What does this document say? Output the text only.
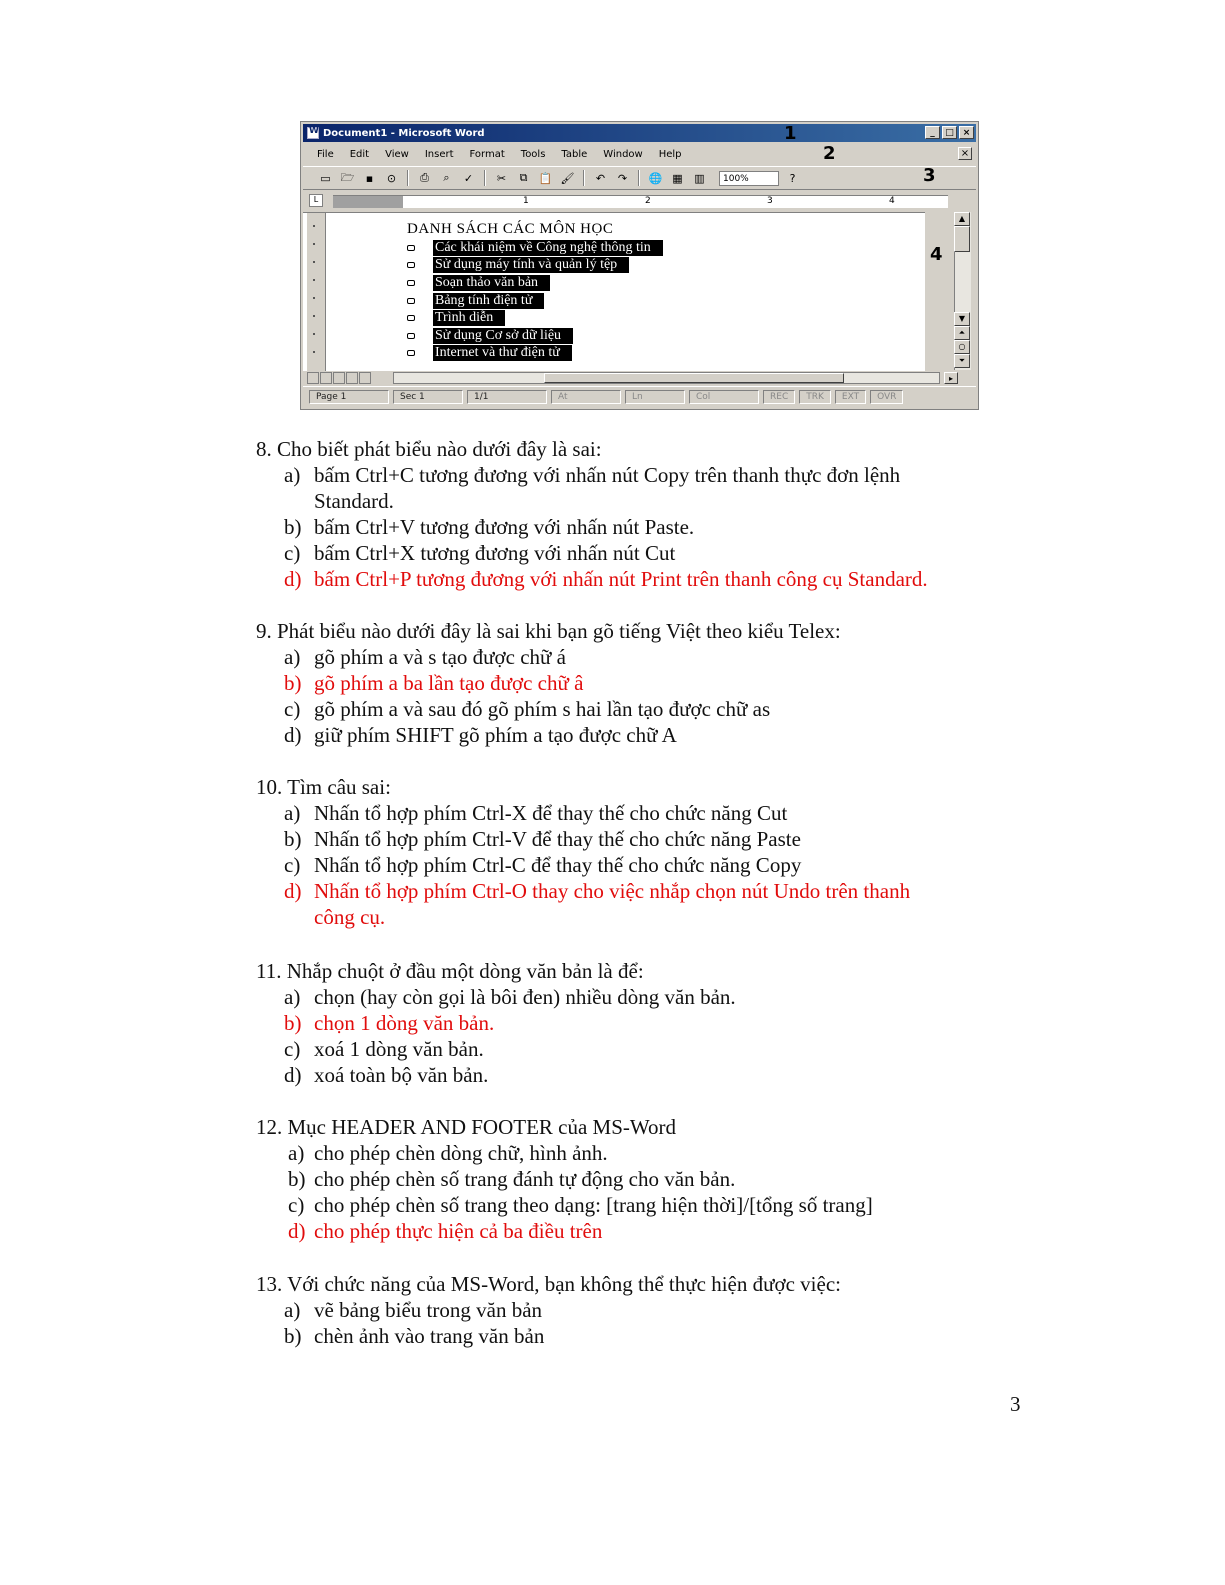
W
Document1 - Microsoft Word	_	□ ×
1
File Edit View Insert Format Tools Table Window Help	×
2
▭ 🗁	▪	⊙	⎙	⌕	✓	✂	⧉	📋 🖌	↶	↷	🌐 ▦ ▥	100%	?	3
L	1	2	3	4
DANH SÁCH CÁC MÔN HỌC
Các khái niệm về Công nghệ thông tin
Sử dụng máy tính và quản lý tệp
Soạn thảo văn bản
Bảng tính điện tử
Trình diễn
Sử dụng Cơ sở dữ liệu
Internet và thư điện tử
▲
▼
⏶
○
⏷
4
▸
Page 1	Sec 1	1/1	At	Ln	Col	REC	TRK	EXT	OVR

8. Cho biết phát biểu nào dưới đây là sai:

a) bấm Ctrl+C tương đương với nhấn nút Copy trên thanh thực đơn lệnh

Standard.

b) bấm Ctrl+V tương đương với nhấn nút Paste.

c) bấm Ctrl+X tương đương với nhấn nút Cut

d) bấm Ctrl+P tương đương với nhấn nút Print trên thanh công cụ Standard.

9. Phát biểu nào dưới đây là sai khi bạn gõ tiếng Việt theo kiểu Telex:

a) gõ phím a và s tạo được chữ á

b) gõ phím a ba lần tạo được chữ â

c) gõ phím a và sau đó gõ phím s hai lần tạo được chữ as

d) giữ phím SHIFT gõ phím a tạo được chữ A

10. Tìm câu sai:

a) Nhấn tổ hợp phím Ctrl-X để thay thế cho chức năng Cut

b) Nhấn tổ hợp phím Ctrl-V để thay thế cho chức năng Paste

c) Nhấn tổ hợp phím Ctrl-C để thay thế cho chức năng Copy

d) Nhấn tổ hợp phím Ctrl-O thay cho việc nhắp chọn nút Undo trên thanh

công cụ.

11. Nhắp chuột ở đầu một dòng văn bản là để:

a) chọn (hay còn gọi là bôi đen) nhiều dòng văn bản.

b) chọn 1 dòng văn bản.

c) xoá 1 dòng văn bản.

d) xoá toàn bộ văn bản.

12. Mục HEADER AND FOOTER của MS-Word

a) cho phép chèn dòng chữ, hình ảnh.

b) cho phép chèn số trang đánh tự động cho văn bản.

c) cho phép chèn số trang theo dạng: [trang hiện thời]/[tổng số trang]

d) cho phép thực hiện cả ba điều trên

13. Với chức năng của MS-Word, bạn không thể thực hiện được việc:

a) vẽ bảng biểu trong văn bản

b) chèn ảnh vào trang văn bản

3
